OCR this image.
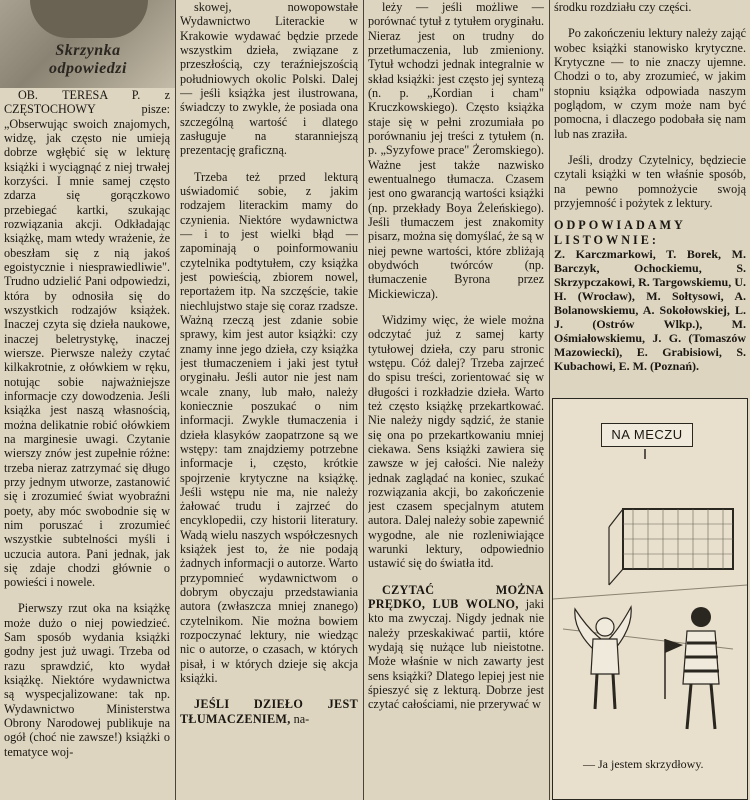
Skrzynka
odpowiedzi

OB. TERESA P. z CZĘSTOCHOWY pisze: „Obserwując swoich znajomych, widzę, jak często nie umieją dobrze wgłębić się w lekturę książki i wyciągnąć z niej trwałej korzyści. I mnie samej często zdarza się gorączkowo przebiegać kartki, szukając rozwiązania akcji. Odkładając książkę, mam wtedy wrażenie, że obeszłam się z nią jakoś egoistycznie i niesprawiedliwie". Trudno udzielić Pani odpowiedzi, która by odnosiła się do wszystkich rodzajów książek. Inaczej czyta się dzieła naukowe, inaczej beletrystykę, inaczej wiersze. Pierwsze należy czytać kilkakrotnie, z ołówkiem w ręku, notując sobie najważniejsze informacje czy dowodzenia. Jeśli książka jest naszą własnością, można delikatnie robić ołówkiem na marginesie uwagi. Czytanie wierszy znów jest zupełnie różne: trzeba nieraz zatrzymać się długo przy jednym utworze, zastanowić się i zrozumieć świat wyobraźni poety, aby móc swobodnie się w nim poruszać i zrozumieć wszystkie subtelności myśli i uczucia autora. Pani jednak, jak się zdaje chodzi głównie o powieści i nowele.

Pierwszy rzut oka na książkę może dużo o niej powiedzieć. Sam sposób wydania książki godny jest już uwagi. Trzeba od razu sprawdzić, kto wydał książkę. Niektóre wydawnictwa są wyspecjalizowane: tak np. Wydawnictwo Ministerstwa Obrony Narodowej publikuje na ogół (choć nie zawsze!) książki o tematyce woj-

skowej, nowopowstałe Wydawnictwo Literackie w Krakowie wydawać będzie przede wszystkim dzieła, związane z przeszłością, czy teraźniejszością południowych okolic Polski. Dalej — jeśli książka jest ilustrowana, świadczy to zwykle, że posiada ona szczególną wartość i dlatego zasługuje na staranniejszą prezentację graficzną.

Trzeba też przed lekturą uświadomić sobie, z jakim rodzajem literackim mamy do czynienia. Niektóre wydawnictwa — i to jest wielki błąd — zapominają o poinformowaniu czytelnika podtytułem, czy książka jest powieścią, zbiorem nowel, reportażem itp. Na szczęście, takie niechlujstwo staje się coraz rzadsze. Ważną rzeczą jest zdanie sobie sprawy, kim jest autor książki: czy znamy inne jego dzieła, czy książka jest tłumaczeniem i jaki jest tytuł oryginału. Jeśli autor nie jest nam wcale znany, lub mało, należy koniecznie poszukać o nim informacji. Zwykle tłumaczenia i dzieła klasyków zaopatrzone są we wstępy: tam znajdziemy potrzebne informacje i, często, krótkie spojrzenie krytyczne na książkę. Jeśli wstępu nie ma, nie należy żałować trudu i zajrzeć do encyklopedii, czy historii literatury. Wadą wielu naszych współczesnych książek jest to, że nie podają żadnych informacji o autorze. Warto przypomnieć wydawnictwom o dobrym obyczaju przedstawiania autora (zwłaszcza mniej znanego) czytelnikom. Nie można bowiem rozpoczynać lektury, nie wiedząc nic o autorze, o czasach, w których pisał, i w których dzieje się akcja książki.

JEŚLI DZIEŁO JEST TŁUMACZENIEM, na-

leży — jeśli możliwe — porównać tytuł z tytułem oryginału. Nieraz jest on trudny do przetłumaczenia, lub zmieniony. Tytuł wchodzi jednak integralnie w skład książki: jest często jej syntezą (n. p. „Kordian i cham" Kruczkowskiego). Często książka staje się w pełni zrozumiała po porównaniu jej treści z tytułem (n. p. „Syzyfowe prace" Żeromskiego). Ważne jest także nazwisko ewentualnego tłumacza. Czasem jest ono gwarancją wartości książki (np. przekłady Boya Żeleńskiego). Jeśli tłumaczem jest znakomity pisarz, można się domyślać, że są w niej pewne wartości, które zbliżają obydwóch twórców (np. tłumaczenie Byrona przez Mickiewicza).

Widzimy więc, że wiele można odczytać już z samej karty tytułowej dzieła, czy paru stronic wstępu. Cóż dalej? Trzeba zajrzeć do spisu treści, zorientować się w długości i rozkładzie dzieła. Warto też często książkę przekartkować. Nie należy nigdy sądzić, że stanie się ona po przekartkowaniu mniej ciekawa. Sens książki zawiera się zawsze w jej całości. Nie należy jednak zaglądać na koniec, szukać rozwiązania akcji, bo zakończenie jest czasem specjalnym atutem autora. Dalej należy sobie zapewnić wygodne, ale nie rozleniwiające warunki lektury, odpowiednio ustawić się do światła itd.

CZYTAĆ MOŻNA PRĘDKO, LUB WOLNO, jaki kto ma zwyczaj. Nigdy jednak nie należy przeskakiwać partii, które wydają się nużące lub nieistotne. Może właśnie w nich zawarty jest sens książki? Dlatego lepiej jest nie śpieszyć się z lekturą. Dobrze jest czytać całościami, nie przerywać w

środku rozdziału czy części.

Po zakończeniu lektury należy zająć wobec książki stanowisko krytyczne. Krytyczne — to nie znaczy ujemne. Chodzi o to, aby zrozumieć, w jakim stopniu książka odpowiada naszym poglądom, w czym może nam być pomocna, i dlaczego podobała się nam lub nas zraziła.

Jeśli, drodzy Czytelnicy, będziecie czytali książki w ten właśnie sposób, na pewno pomnożycie swoją przyjemność i pożytek z lektury.

ODPOWIADAMY LISTOWNIE:
Z. Karczmarkowi, T. Borek, M. Barczyk, Ochockiemu, S. Skrzypczakowi, R. Targowskiemu, U. H. (Wrocław), M. Sołtysowi, A. Bolanowskiemu, A. Sokołowskiej, L. J. (Ostrów Wlkp.), M. Ośmiałowskiemu, J. G. (Tomaszów Mazowiecki), E. Grabisiowi, S. Kubachowi, E. M. (Poznań).
NA MECZU
— Ja jestem skrzydłowy.
